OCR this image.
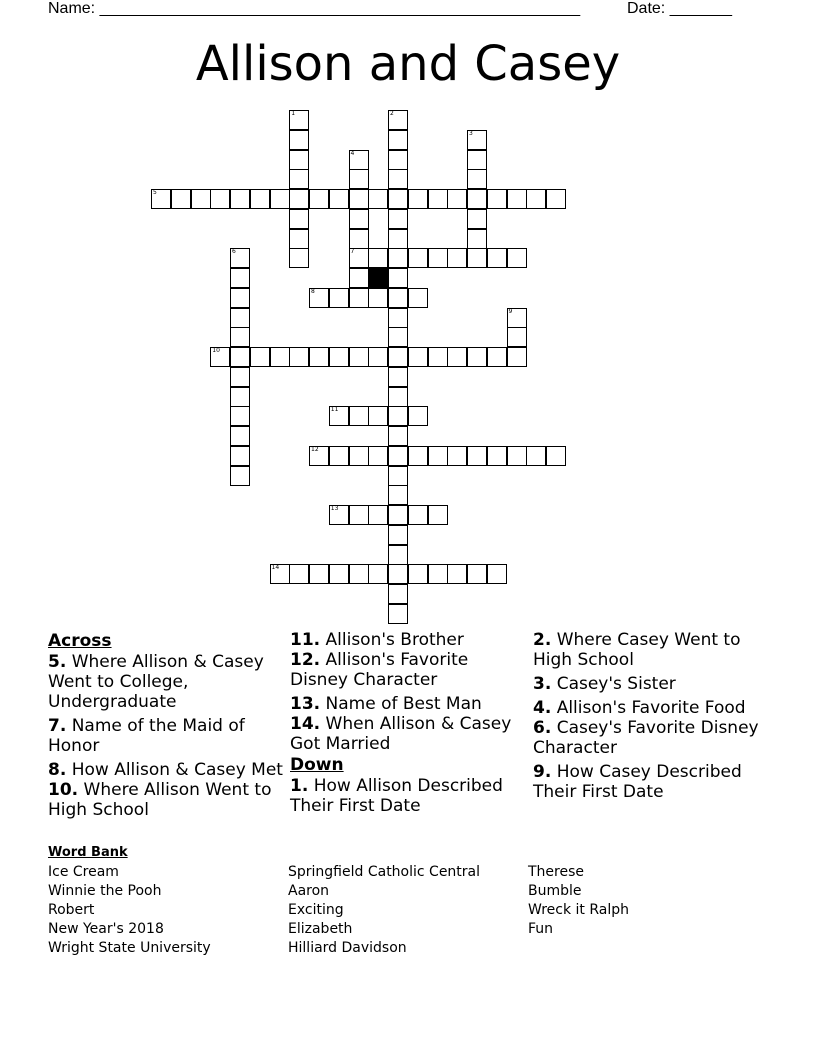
Name: ______________________________________________________	Date: _______
Allison and Casey
1	2
3
4
7
5
6
8
9
10
11
12
13
14
Across
5. Where Allison & Casey Went to College, Undergraduate
7. Name of the Maid of Honor
8. How Allison & Casey Met
10. Where Allison Went to High School
11. Allison's Brother
12. Allison's Favorite Disney Character
13. Name of Best Man
14. When Allison & Casey Got Married
Down
1. How Allison Described Their First Date
2. Where Casey Went to High School
3. Casey's Sister
4. Allison's Favorite Food
6. Casey's Favorite Disney Character
9. How Casey Described Their First Date
Word Bank
Ice Cream
Winnie the Pooh
Robert
New Year's 2018
Wright State University
Springfield Catholic Central
Aaron
Exciting
Elizabeth
Hilliard Davidson
Therese
Bumble
Wreck it Ralph
Fun
